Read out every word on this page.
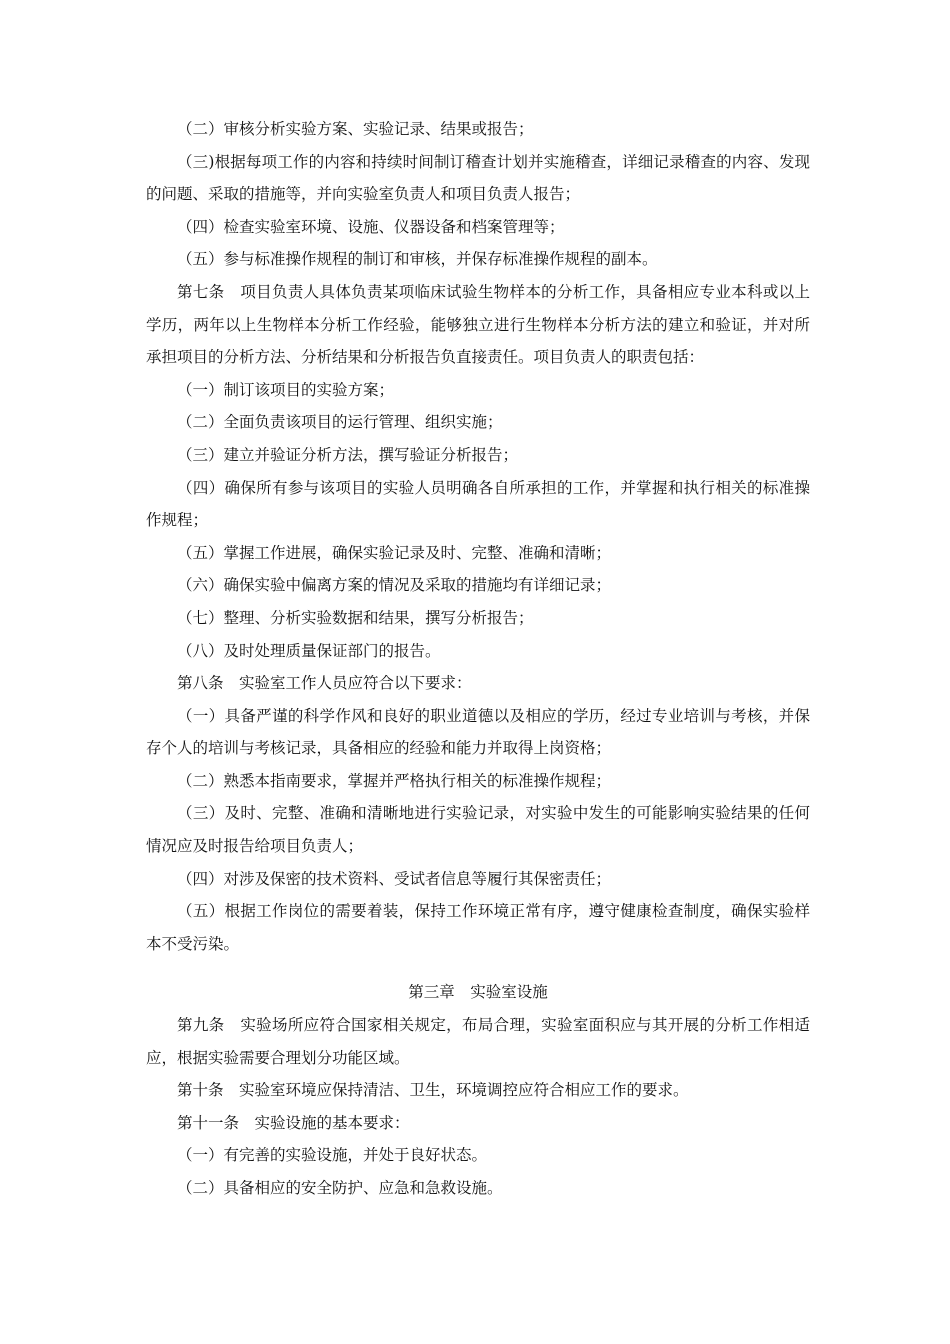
（二）审核分析实验方案、实验记录、结果或报告；

（三)根据每项工作的内容和持续时间制订稽查计划并实施稽查，详细记录稽查的内容、发现的问题、采取的措施等，并向实验室负责人和项目负责人报告；

（四）检查实验室环境、设施、仪器设备和档案管理等；

（五）参与标准操作规程的制订和审核，并保存标准操作规程的副本。

第七条　项目负责人具体负责某项临床试验生物样本的分析工作，具备相应专业本科或以上学历，两年以上生物样本分析工作经验，能够独立进行生物样本分析方法的建立和验证，并对所承担项目的分析方法、分析结果和分析报告负直接责任。项目负责人的职责包括：

（一）制订该项目的实验方案；

（二）全面负责该项目的运行管理、组织实施；

（三）建立并验证分析方法，撰写验证分析报告；

（四）确保所有参与该项目的实验人员明确各自所承担的工作，并掌握和执行相关的标准操作规程；

（五）掌握工作进展，确保实验记录及时、完整、准确和清晰；

（六）确保实验中偏离方案的情况及采取的措施均有详细记录；

（七）整理、分析实验数据和结果，撰写分析报告；

（八）及时处理质量保证部门的报告。

第八条　实验室工作人员应符合以下要求：

（一）具备严谨的科学作风和良好的职业道德以及相应的学历，经过专业培训与考核，并保存个人的培训与考核记录，具备相应的经验和能力并取得上岗资格；

（二）熟悉本指南要求，掌握并严格执行相关的标准操作规程；

（三）及时、完整、准确和清晰地进行实验记录，对实验中发生的可能影响实验结果的任何情况应及时报告给项目负责人；

（四）对涉及保密的技术资料、受试者信息等履行其保密责任；

（五）根据工作岗位的需要着装，保持工作环境正常有序，遵守健康检查制度，确保实验样本不受污染。

第三章　实验室设施

第九条　实验场所应符合国家相关规定，布局合理，实验室面积应与其开展的分析工作相适应，根据实验需要合理划分功能区域。

第十条　实验室环境应保持清洁、卫生，环境调控应符合相应工作的要求。

第十一条　实验设施的基本要求：

（一）有完善的实验设施，并处于良好状态。

（二）具备相应的安全防护、应急和急救设施。
